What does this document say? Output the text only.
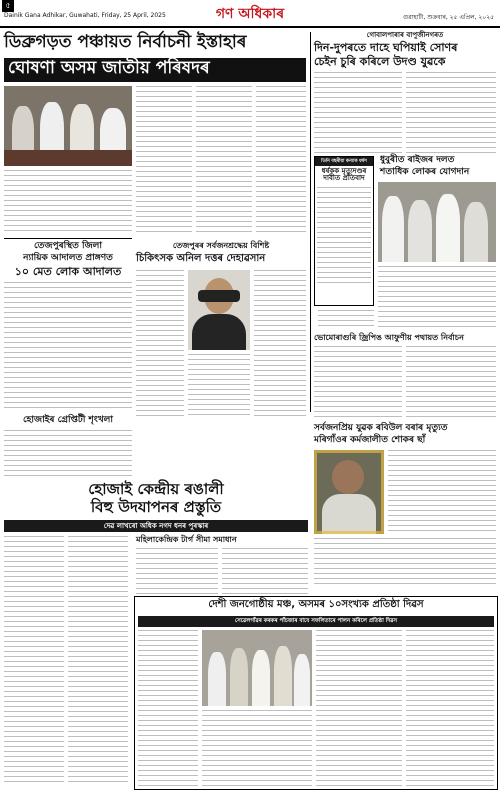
৫
Dainik Gana Adhikar, Guwahati, Friday, 25 April, 2025	গণ অধিকাৰ	গুৱাহাটী, শুক্ৰবাৰ, ২৫ এপ্ৰিল, ২০২৫
ডিব্ৰুগড়ত পঞ্চায়ত নিৰ্বাচনী ইস্তাহাৰ
ঘোষণা অসম জাতীয় পৰিষদৰ
গোবালপাৰাৰ বাপুজীনগৰত
দিন-দুপৰতে দাহে ঘপিয়াই সোণৰ
চেইন চুৰি কৰিলে উদণ্ড যুৱকে
তিনি বছৰীয়া কন্যাক ধৰ্ষণ
ধৰ্ষকক মৃত্যুদণ্ডৰ দাবীত প্ৰতিবাদ
ধুবুৰীত ৰাইজৰ দলত
শতাধিক লোকৰ যোগদান
তেজপুৰস্থিত জিলা
ন্যায়িক আদালত প্ৰাঙ্গণত
১০ মেত লোক আদালত
তেজপুৰৰ সৰ্বজনশ্ৰদ্ধেয় বিশিষ্ট
চিকিৎসক অনিল দত্তৰ দেহাৱসান
ভোমোৰাগুৰি জ্ৰিপিঙ আফুণীয় পথায়ত নিৰ্বাচন
হোজাইৰ গ্ৰেপ্তিটী শৃংখলা
সৰ্বজনপ্ৰিয় যুৱক ৰবিউল বৰাৰ মৃত্যুত
মৰিগাঁওৰ কৰ্মজালীত শোকৰ ছাঁ
হোজাই কেন্দ্ৰীয় ৰঙালী
বিহু উদযাপনৰ প্ৰস্তুতি
দেৱ লাখৰো অধিক নগদ ধনৰ পুৰস্কাৰ
মহিলাকেন্দ্ৰিক টাৰ্গ সীমা সমাধান
দেশী জনগোষ্ঠীয় মঞ্চ, অসমৰ ১০সংখ্যক প্ৰতিষ্ঠা দিৱস
সেৱেলগাঁৱৰ কৰকৰ পাঁচজাৰ বাবে সফলিতাৰে পালন কৰিলে প্ৰতিষ্ঠা দিৱস
